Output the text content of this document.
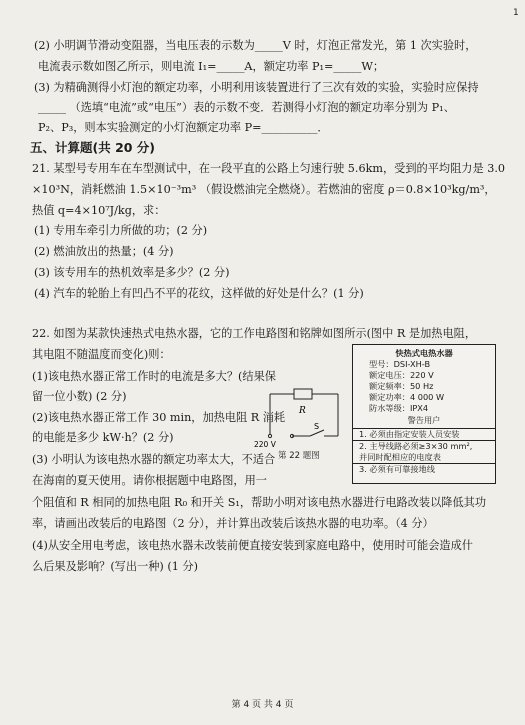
1
(2) 小明调节滑动变阻器，当电压表的示数为_____V 时，灯泡正常发光，第 1 次实验时，
电流表示数如图乙所示，则电流 I₁=_____A，额定功率 P₁=_____W；
(3) 为精确测得小灯泡的额定功率，小明利用该装置进行了三次有效的实验，实验时应保持
_____ （选填“电流”或“电压”）表的示数不变．若测得小灯泡的额定功率分别为 P₁、
P₂、P₃，则本实验测定的小灯泡额定功率 P=__________．
五、计算题(共 20 分)
21. 某型号专用车在车型测试中，在一段平直的公路上匀速行驶 5.6km，受到的平均阻力是 3.0
×10³N，消耗燃油 1.5×10⁻³m³ （假设燃油完全燃烧）。若燃油的密度 ρ＝0.8×10³kg/m³，
热值 q=4×10⁷J/kg，求：
(1) 专用车牵引力所做的功；(2 分)
(2) 燃油放出的热量；(4 分)
(3) 该专用车的热机效率是多少？(2 分)
(4) 汽车的轮胎上有凹凸不平的花纹，这样做的好处是什么？(1 分)
22. 如图为某款快速热式电热水器，它的工作电路图和铭牌如图所示(图中 R 是加热电阻，
其电阻不随温度而变化)则：
(1)该电热水器正常工作时的电流是多大？(结果保
留一位小数) (2 分)
(2)该电热水器正常工作 30 min，加热电阻 R 消耗
的电能是多少 kW·h？(2 分)
(3) 小明认为该电热水器的额定功率太大，不适合
在海南的夏天使用。请你根据题中电路图，用一
个阻值和 R 相同的加热电阻 R₀ 和开关 S₁，帮助小明对该电热水器进行电路改装以降低其功
率，请画出改装后的电路图（2 分），并计算出改装后该热水器的电功率。（4 分）
(4)从安全用电考虑，该电热水器未改装前便直接安装到家庭电路中，使用时可能会造成什
么后果及影响？(写出一种) (1 分)
R
S
220 V
第 22 题图
快热式电热水器
型号：DSI-XH-B
额定电压：220 V
额定频率：50 Hz
额定功率：4 000 W
防水等级：IPX4
警告用户
1. 必须由指定安装人员安装
2. 主导线路必须≥3×30 mm²,
并同时配相应的电度表
3. 必须有可靠接地线
第 4 页 共 4 页
